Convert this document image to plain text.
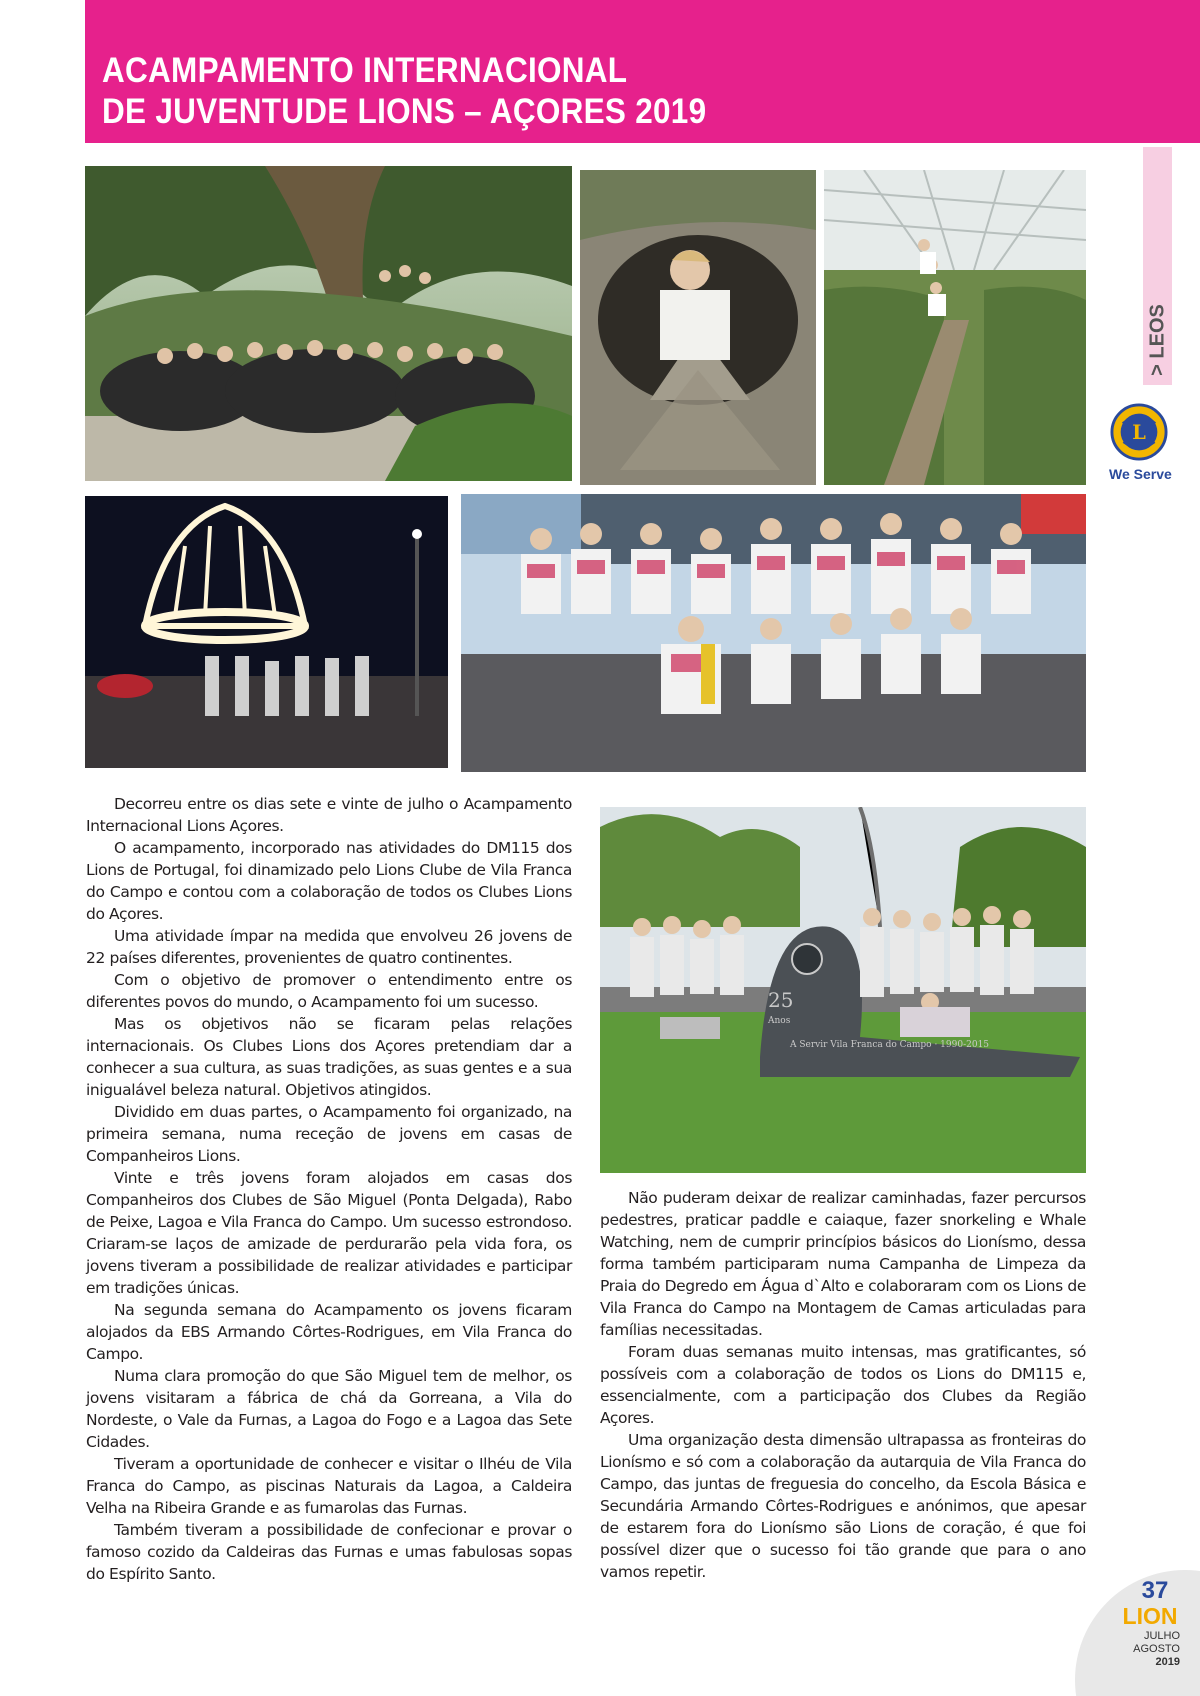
ACAMPAMENTO INTERNACIONAL
DE JUVENTUDE LIONS – AÇORES 2019
> LEOS
L
We Serve
25
Anos
A Servir Vila Franca do Campo · 1990-2015

Decorreu entre os dias sete e vinte de julho o Acampamento Internacional Lions Açores.

O acampamento, incorporado nas atividades do DM115 dos Lions de Portugal, foi dinamizado pelo Lions Clube de Vila Franca do Campo e contou com a colaboração de todos os Clubes Lions do Açores.

Uma atividade ímpar na medida que envolveu 26 jovens de 22 países diferentes, provenientes de quatro continentes.

Com o objetivo de promover o entendimento entre os diferentes povos do mundo, o Acampamento foi um sucesso.

Mas os objetivos não se ficaram pelas relações internacionais. Os Clubes Lions dos Açores pretendiam dar a conhecer a sua cultura, as suas tradições, as suas gentes e a sua inigualável beleza natural. Objetivos atingidos.

Dividido em duas partes, o Acampamento foi organizado, na primeira semana, numa receção de jovens em casas de Companheiros Lions.

Vinte e três jovens foram alojados em casas dos Companheiros dos Clubes de São Miguel (Ponta Delgada), Rabo de Peixe, Lagoa e Vila Franca do Campo. Um sucesso estrondoso. Criaram-se laços de amizade de perdurarão pela vida fora, os jovens tiveram a possibilidade de realizar atividades e participar em tradições únicas.

Na segunda semana do Acampamento os jovens ficaram alojados da EBS Armando Côrtes-Rodrigues, em Vila Franca do Campo.

Numa clara promoção do que São Miguel tem de melhor, os jovens visitaram a fábrica de chá da Gorreana, a Vila do Nordeste, o Vale da Furnas, a Lagoa do Fogo e a Lagoa das Sete Cidades.

Tiveram a oportunidade de conhecer e visitar o Ilhéu de Vila Franca do Campo, as piscinas Naturais da Lagoa, a Caldeira Velha na Ribeira Grande e as fumarolas das Furnas.

Também tiveram a possibilidade de confecionar e provar o famoso cozido da Caldeiras das Furnas e umas fabulosas sopas do Espírito Santo.

Não puderam deixar de realizar caminhadas, fazer percursos pedestres, praticar paddle e caiaque, fazer snorkeling e Whale Watching, nem de cumprir princípios básicos do Lionísmo, dessa forma também participaram numa Campanha de Limpeza da Praia do Degredo em Água d`Alto e colaboraram com os Lions de Vila Franca do Campo na Montagem de Camas articuladas para famílias necessitadas.

Foram duas semanas muito intensas, mas gratificantes, só possíveis com a colaboração de todos os Lions do DM115 e, essencialmente, com a participação dos Clubes da Região Açores.

Uma organização desta dimensão ultrapassa as fronteiras do Lionísmo e só com a colaboração da autarquia de Vila Franca do Campo, das juntas de freguesia do concelho, da Escola Básica e Secundária Armando Côrtes-Rodrigues e anónimos, que apesar de estarem fora do Lionísmo são Lions de coração, é que foi possível dizer que o sucesso foi tão grande que para o ano vamos repetir.

37
LION
JULHO
AGOSTO
2019
